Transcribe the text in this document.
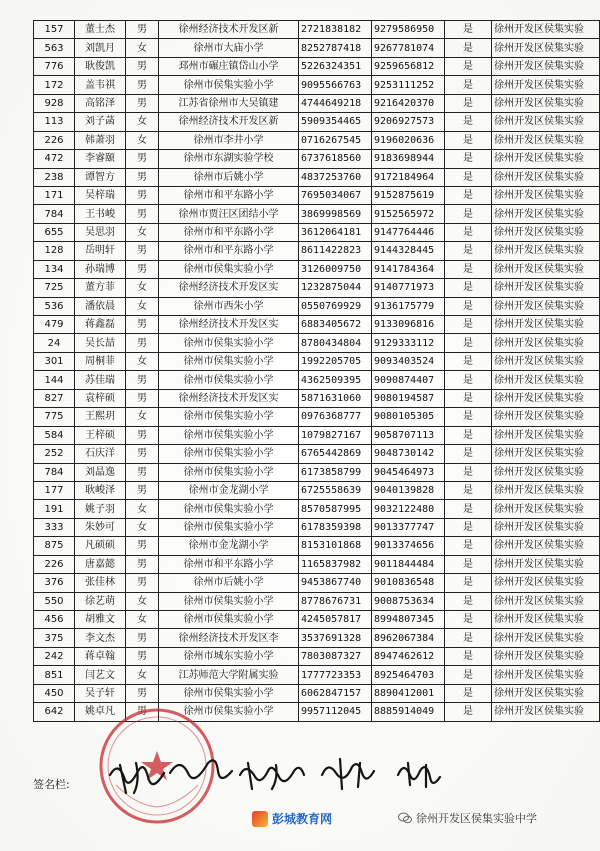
157	董士杰	男	徐州经济技术开发区新	2721838182	9279586950	是	徐州开发区侯集实验
563	刘凯月	女	徐州市大庙小学	8252787418	9267781074	是	徐州开发区侯集实验
776	耿俊凯	男	邳州市碾庄镇岱山小学	5226324351	9259656812	是	徐州开发区侯集实验
172	盖韦祺	男	徐州市侯集实验小学	9095566763	9253111252	是	徐州开发区侯集实验
928	高铭泽	男	江苏省徐州市大吴镇建	4744649218	9216420370	是	徐州开发区侯集实验
113	刘子菡	女	徐州经济技术开发区新	5909354465	9206927573	是	徐州开发区侯集实验
226	韩萧羽	女	徐州市李井小学	0716267545	9196020636	是	徐州开发区侯集实验
472	李睿颐	男	徐州市东湖实验学校	6737618560	9183698944	是	徐州开发区侯集实验
238	谭智方	男	徐州市后姚小学	4837253760	9172184964	是	徐州开发区侯集实验
171	吴梓瑞	男	徐州市和平东路小学	7695034067	9152875619	是	徐州开发区侯集实验
784	王书峻	男	徐州市贾汪区团结小学	3869998569	9152565972	是	徐州开发区侯集实验
655	吴思羽	女	徐州市和平东路小学	3612064181	9147764446	是	徐州开发区侯集实验
128	岳明轩	男	徐州市和平东路小学	8611422823	9144328445	是	徐州开发区侯集实验
134	孙瑞博	男	徐州市侯集实验小学	3126009750	9141784364	是	徐州开发区侯集实验
725	董方菲	女	徐州经济技术开发区实	1232875044	9140771973	是	徐州开发区侯集实验
536	潘依晨	女	徐州市西朱小学	0550769929	9136175779	是	徐州开发区侯集实验
479	蒋鑫磊	男	徐州经济技术开发区实	6883405672	9133096816	是	徐州开发区侯集实验
24	吴长喆	男	徐州市侯集实验小学	8780434804	9129333112	是	徐州开发区侯集实验
301	周桐菲	女	徐州市侯集实验小学	1992205705	9093403524	是	徐州开发区侯集实验
144	苏佳瑞	男	徐州市侯集实验小学	4362509395	9090874407	是	徐州开发区侯集实验
827	袁梓硕	男	徐州经济技术开发区实	5871631060	9080194587	是	徐州开发区侯集实验
775	王熙玥	女	徐州市侯集实验小学	0976368777	9080105305	是	徐州开发区侯集实验
584	王梓硕	男	徐州市侯集实验小学	1079827167	9058707113	是	徐州开发区侯集实验
252	石庆洋	男	徐州市侯集实验小学	6765442869	9048730142	是	徐州开发区侯集实验
784	刘晶逸	男	徐州市侯集实验小学	6173858799	9045464973	是	徐州开发区侯集实验
177	耿峻泽	男	徐州市金龙湖小学	6725558639	9040139828	是	徐州开发区侯集实验
191	姚子羽	女	徐州市侯集实验小学	8570587995	9032122480	是	徐州开发区侯集实验
333	朱妙可	女	徐州市侯集实验小学	6178359398	9013377747	是	徐州开发区侯集实验
875	凡硕硕	男	徐州市金龙湖小学	8153101868	9013374656	是	徐州开发区侯集实验
226	唐嘉懿	男	徐州市和平东路小学	1165837982	9011844484	是	徐州开发区侯集实验
376	张佳林	男	徐州市后姚小学	9453867740	9010836548	是	徐州开发区侯集实验
550	徐艺萌	女	徐州市侯集实验小学	8778676731	9008753634	是	徐州开发区侯集实验
456	胡雅文	女	徐州市侯集实验小学	4245057817	8994807345	是	徐州开发区侯集实验
375	李文杰	男	徐州经济技术开发区李	3537691328	8962067384	是	徐州开发区侯集实验
242	蒋卓翰	男	徐州市城东实验小学	7803087327	8947462612	是	徐州开发区侯集实验
851	闫艺文	女	江苏师范大学附属实验	1777723353	8925464703	是	徐州开发区侯集实验
450	吴子轩	男	徐州市侯集实验小学	6062847157	8890412001	是	徐州开发区侯集实验
642	姚卓凡	男	徐州市侯集实验小学	9957112045	8885914049	是	徐州开发区侯集实验
签名栏:
彭城教育网	徐州开发区侯集实验中学
